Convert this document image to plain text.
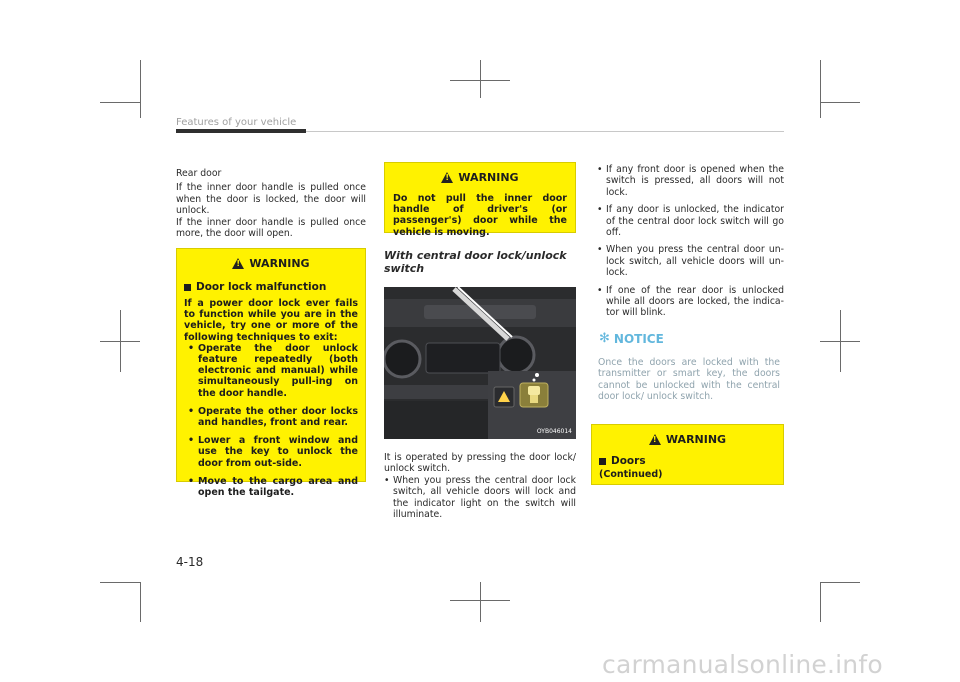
Features of your vehicle
Rear door
If the inner door handle is pulled once when the door is locked, the door will unlock.
If the inner door handle is pulled once more, the door will open.
!
WARNING
Door lock malfunction
If a power door lock ever fails to function while you are in the vehicle, try one or more of the following techniques to exit:
• Operate the door unlock feature repeatedly (both electronic and manual) while simultaneously pull-ing on the door handle.
• Operate the other door locks and handles, front and rear.
• Lower a front window and use the key to unlock the door from out-side.
• Move to the cargo area and open the tailgate.
!
WARNING
Do not pull the inner door handle of driver's (or passenger's) door while the vehicle is moving.
With central door lock/unlock switch
OYB046014
It is operated by pressing the door lock/ unlock switch.
• When you press the central door lock switch, all vehicle doors will lock and the indicator light on the switch will illuminate.
• If any front door is opened when the switch is pressed, all doors will not lock.
• If any door is unlocked, the indicator of the central door lock switch will go off.
• When you press the central door un-lock switch, all vehicle doors will un-lock.
• If one of the rear door is unlocked while all doors are locked, the indica-tor will blink.
✻ NOTICE
Once the doors are locked with the transmitter or smart key, the doors cannot be unlocked with the central door lock/ unlock switch.
!
WARNING
Doors
(Continued)
4-18
carmanualsonline.info
